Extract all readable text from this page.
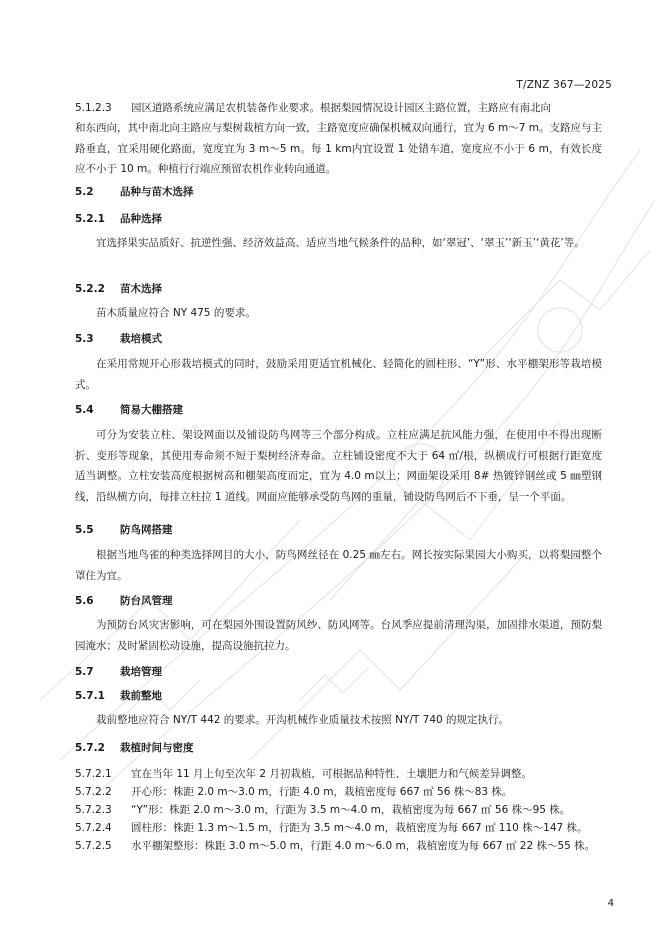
T/ZNZ 367—2025
5.1.2.3 园区道路系统应满足农机装备作业要求。根据梨园情况设计园区主路位置，主路应有南北向
和东西向，其中南北向主路应与梨树栽植方向一致，主路宽度应确保机械双向通行，宜为 6 m～7 m。支路应与主路垂直，宜采用硬化路面，宽度宜为 3 m～5 m。每 1 km内宜设置 1 处错车道，宽度应不小于 6 m，有效长度应不小于 10 m。种植行行端应预留农机作业转向通道。
5.2	品种与苗木选择
5.2.1 品种选择
宜选择果实品质好、抗逆性强、经济效益高、适应当地气候条件的品种，如‘翠冠’、‘翠玉’‘新玉’‘黄花’等。
5.2.2 苗木选择
苗木质量应符合 NY 475 的要求。
5.3	栽培模式
在采用常规开心形栽培模式的同时，鼓励采用更适宜机械化、轻简化的圆柱形、“Y”形、水平棚架形等栽培模式。
5.4	简易大棚搭建
可分为安装立柱、架设网面以及铺设防鸟网等三个部分构成。立柱应满足抗风能力强，在使用中不得出现断折、变形等现象，其使用寿命须不短于梨树经济寿命。立柱铺设密度不大于 64 ㎡/根，纵横成行可根据行距宽度适当调整。立柱安装高度根据树高和棚架高度而定，宜为 4.0 m以上；网面架设采用 8# 热镀锌钢丝或 5 ㎜塑钢线，沿纵横方向，每排立柱拉 1 道线。网面应能够承受防鸟网的重量，铺设防鸟网后不下垂，呈一个平面。
5.5	防鸟网搭建
根据当地鸟雀的种类选择网目的大小，防鸟网丝径在 0.25 ㎜左右。网长按实际果园大小购买，以将梨园整个罩住为宜。
5.6	防台风管理
为预防台风灾害影响，可在梨园外围设置防风纱、防风网等。台风季应提前清理沟渠，加固排水渠道，预防梨园淹水；及时紧固松动设施，提高设施抗拉力。
5.7	栽培管理
5.7.1 栽前整地
栽前整地应符合 NY/T 442 的要求。开沟机械作业质量技术按照 NY/T 740 的规定执行。
5.7.2 栽植时间与密度
5.7.2.1 宜在当年 11 月上旬至次年 2 月初栽植，可根据品种特性、土壤肥力和气候差异调整。
5.7.2.2 开心形：株距 2.0 m～3.0 m，行距 4.0 m，栽植密度每 667 ㎡ 56 株～83 株。
5.7.2.3 “Y”形：株距 2.0 m～3.0 m，行距为 3.5 m～4.0 m，栽植密度为每 667 ㎡ 56 株～95 株。
5.7.2.4 圆柱形：株距 1.3 m～1.5 m，行距为 3.5 m～4.0 m，栽植密度为每 667 ㎡ 110 株～147 株。
5.7.2.5 水平棚架整形：株距 3.0 m～5.0 m，行距 4.0 m～6.0 m，栽植密度为每 667 ㎡ 22 株～55 株。
4
